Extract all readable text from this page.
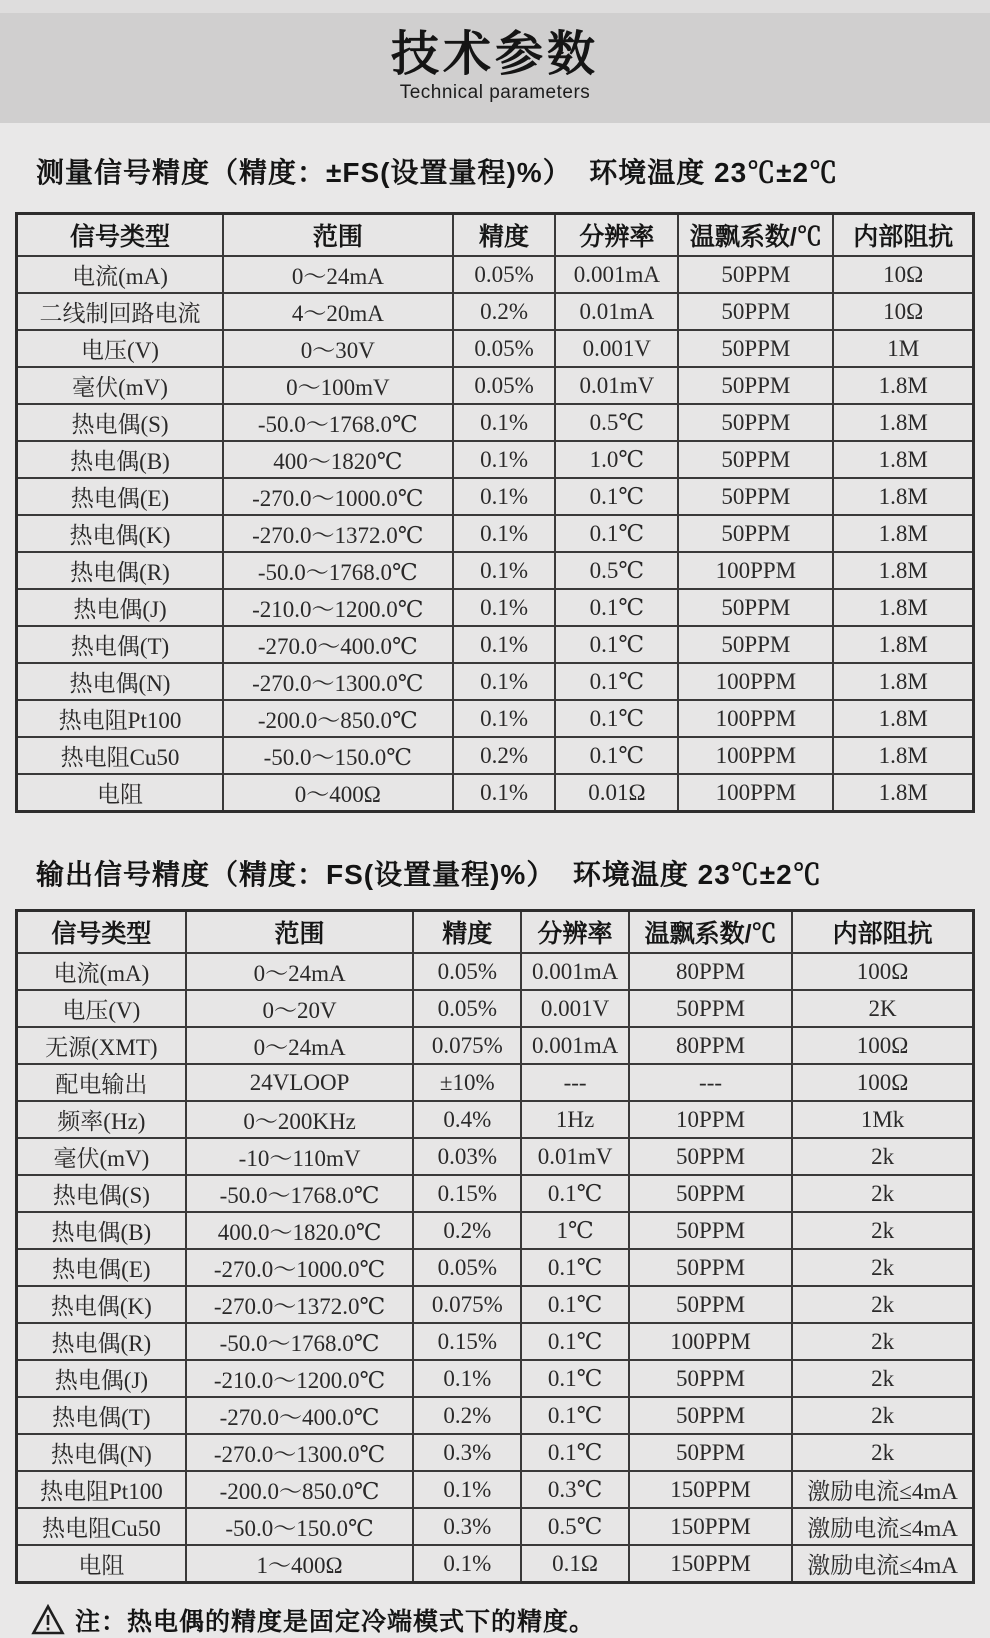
技术参数
Technical parameters
测量信号精度（精度：±FS(设置量程)%）  环境温度 23℃±2℃
信号类型	范围	精度	分辨率	温飘系数/℃	内部阻抗
电流(mA)	0～24mA	0.05%	0.001mA	50PPM	10Ω
二线制回路电流	4～20mA	0.2%	0.01mA	50PPM	10Ω
电压(V)	0～30V	0.05%	0.001V	50PPM	1M
毫伏(mV)	0～100mV	0.05%	0.01mV	50PPM	1.8M
热电偶(S)	-50.0～1768.0℃	0.1%	0.5℃	50PPM	1.8M
热电偶(B)	400～1820℃	0.1%	1.0℃	50PPM	1.8M
热电偶(E)	-270.0～1000.0℃	0.1%	0.1℃	50PPM	1.8M
热电偶(K)	-270.0～1372.0℃	0.1%	0.1℃	50PPM	1.8M
热电偶(R)	-50.0～1768.0℃	0.1%	0.5℃	100PPM	1.8M
热电偶(J)	-210.0～1200.0℃	0.1%	0.1℃	50PPM	1.8M
热电偶(T)	-270.0～400.0℃	0.1%	0.1℃	50PPM	1.8M
热电偶(N)	-270.0～1300.0℃	0.1%	0.1℃	100PPM	1.8M
热电阻Pt100	-200.0～850.0℃	0.1%	0.1℃	100PPM	1.8M
热电阻Cu50	-50.0～150.0℃	0.2%	0.1℃	100PPM	1.8M
电阻	0～400Ω	0.1%	0.01Ω	100PPM	1.8M
输出信号精度（精度：FS(设置量程)%）  环境温度 23℃±2℃
信号类型	范围	精度	分辨率	温飘系数/℃	内部阻抗
电流(mA)	0～24mA	0.05%	0.001mA	80PPM	100Ω
电压(V)	0～20V	0.05%	0.001V	50PPM	2K
无源(XMT)	0～24mA	0.075%	0.001mA	80PPM	100Ω
配电输出	24VLOOP	±10%	---	---	100Ω
频率(Hz)	0～200KHz	0.4%	1Hz	10PPM	1Mk
毫伏(mV)	-10～110mV	0.03%	0.01mV	50PPM	2k
热电偶(S)	-50.0～1768.0℃	0.15%	0.1℃	50PPM	2k
热电偶(B)	400.0～1820.0℃	0.2%	1℃	50PPM	2k
热电偶(E)	-270.0～1000.0℃	0.05%	0.1℃	50PPM	2k
热电偶(K)	-270.0～1372.0℃	0.075%	0.1℃	50PPM	2k
热电偶(R)	-50.0～1768.0℃	0.15%	0.1℃	100PPM	2k
热电偶(J)	-210.0～1200.0℃	0.1%	0.1℃	50PPM	2k
热电偶(T)	-270.0～400.0℃	0.2%	0.1℃	50PPM	2k
热电偶(N)	-270.0～1300.0℃	0.3%	0.1℃	50PPM	2k
热电阻Pt100	-200.0～850.0℃	0.1%	0.3℃	150PPM	激励电流≤4mA
热电阻Cu50	-50.0～150.0℃	0.3%	0.5℃	150PPM	激励电流≤4mA
电阻	1～400Ω	0.1%	0.1Ω	150PPM	激励电流≤4mA
注：热电偶的精度是固定冷端模式下的精度。
